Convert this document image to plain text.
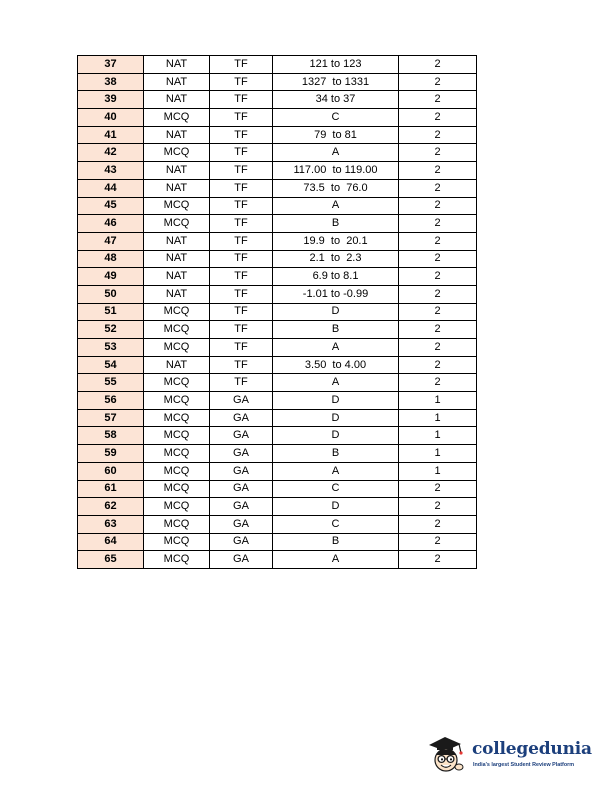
37	NAT	TF	121 to 123	2
38	NAT	TF	1327  to 1331	2
39	NAT	TF	34 to 37	2
40	MCQ	TF	C	2
41	NAT	TF	79  to 81	2
42	MCQ	TF	A	2
43	NAT	TF	117.00  to 119.00	2
44	NAT	TF	73.5  to  76.0	2
45	MCQ	TF	A	2
46	MCQ	TF	B	2
47	NAT	TF	19.9  to  20.1	2
48	NAT	TF	2.1  to  2.3	2
49	NAT	TF	6.9 to 8.1	2
50	NAT	TF	-1.01 to -0.99	2
51	MCQ	TF	D	2
52	MCQ	TF	B	2
53	MCQ	TF	A	2
54	NAT	TF	3.50  to 4.00	2
55	MCQ	TF	A	2
56	MCQ	GA	D	1
57	MCQ	GA	D	1
58	MCQ	GA	D	1
59	MCQ	GA	B	1
60	MCQ	GA	A	1
61	MCQ	GA	C	2
62	MCQ	GA	D	2
63	MCQ	GA	C	2
64	MCQ	GA	B	2
65	MCQ	GA	A	2
collegedunia
India's largest Student Review Platform
